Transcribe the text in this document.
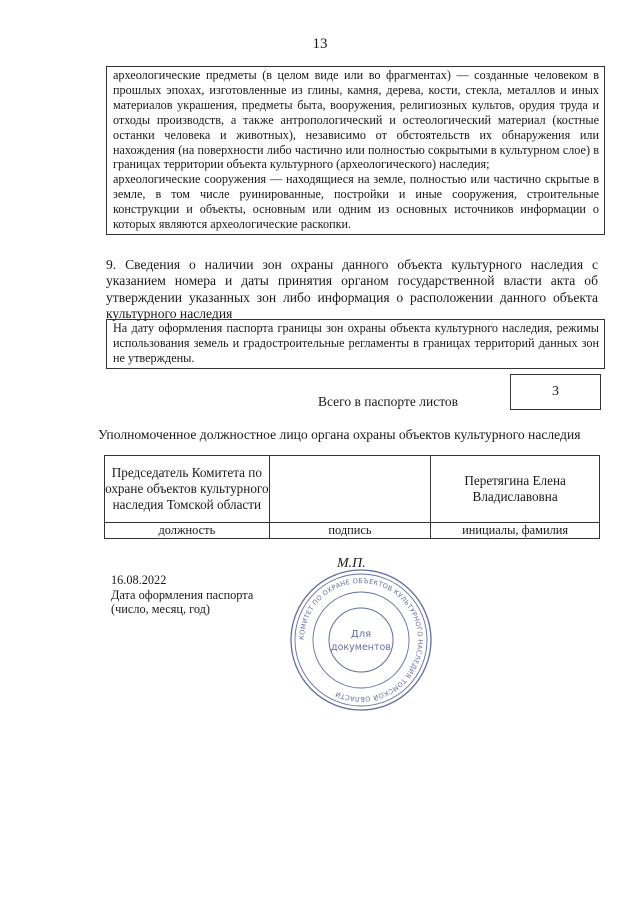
13

археологические предметы (в целом виде или во фрагментах) — созданные человеком в прошлых эпохах, изготовленные из глины, камня, дерева, кости, стекла, металлов и иных материалов украшения, предметы быта, вооружения, религиозных культов, орудия труда и отходы производств, а также антропологический и остеологический материал (костные останки человека и животных), независимо от обстоятельств их обнаружения или нахождения (на поверхности либо частично или полностью сокрытыми в культурном слое) в границах территории объекта культурного (археологического) наследия;

археологические сооружения — находящиеся на земле, полностью или частично скрытые в земле, в том числе руинированные, постройки и иные сооружения, строительные конструкции и объекты, основным или одним из основных источников информации о которых являются археологические раскопки.

9. Сведения о наличии зон охраны данного объекта культурного наследия с указанием номера и даты принятия органом государственной власти акта об утверждении указанных зон либо информация о расположении данного объекта культурного наследия

На дату оформления паспорта границы зон охраны объекта культурного наследия, режимы использования земель и градостроительные регламенты в границах территорий данных зон не утверждены.
Всего в паспорте листов
3

Уполномоченное должностное лицо органа охраны объектов культурного наследия

Председатель Комитета по охране объектов культурного наследия Томской области		Перетягина Елена Владиславовна
должность	подпись	инициалы, фамилия
М.П.
16.08.2022
Дата оформления паспорта
(число, месяц, год)
КОМИТЕТ ПО ОХРАНЕ ОБЪЕКТОВ КУЛЬТУРНОГО НАСЛЕДИЯ ТОМСКОЙ ОБЛАСТИ
Для
документов
